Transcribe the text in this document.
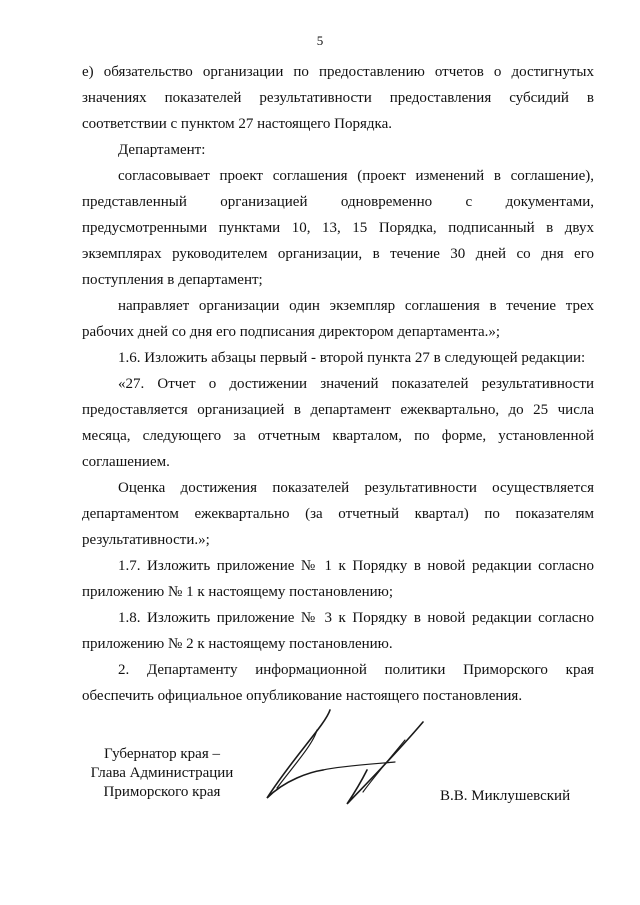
5

е) обязательство организации по предоставлению отчетов о достигнутых значениях показателей результативности предоставления субсидий в соответствии с пунктом 27 настоящего Порядка.

Департамент:

согласовывает проект соглашения (проект изменений в соглашение), представленный организацией одновременно с документами, предусмотренными пунктами 10, 13, 15 Порядка, подписанный в двух экземплярах руководителем организации, в течение 30 дней со дня его поступления в департамент;

направляет организации один экземпляр соглашения в течение трех рабочих дней со дня его подписания директором департамента.»;

1.6. Изложить абзацы первый - второй пункта 27 в следующей редакции:

«27. Отчет о достижении значений показателей результативности предоставляется организацией в департамент ежеквартально, до 25 числа месяца, следующего за отчетным кварталом, по форме, установленной соглашением.

Оценка достижения показателей результативности осуществляется департаментом ежеквартально (за отчетный квартал) по показателям результативности.»;

1.7. Изложить приложение № 1 к Порядку в новой редакции согласно приложению № 1 к настоящему постановлению;

1.8. Изложить приложение № 3 к Порядку в новой редакции согласно приложению № 2 к настоящему постановлению.

2. Департаменту информационной политики Приморского края обеспечить официальное опубликование настоящего постановления.

Губернатор края –
Глава Администрации
Приморского края	В.В. Миклушевский
